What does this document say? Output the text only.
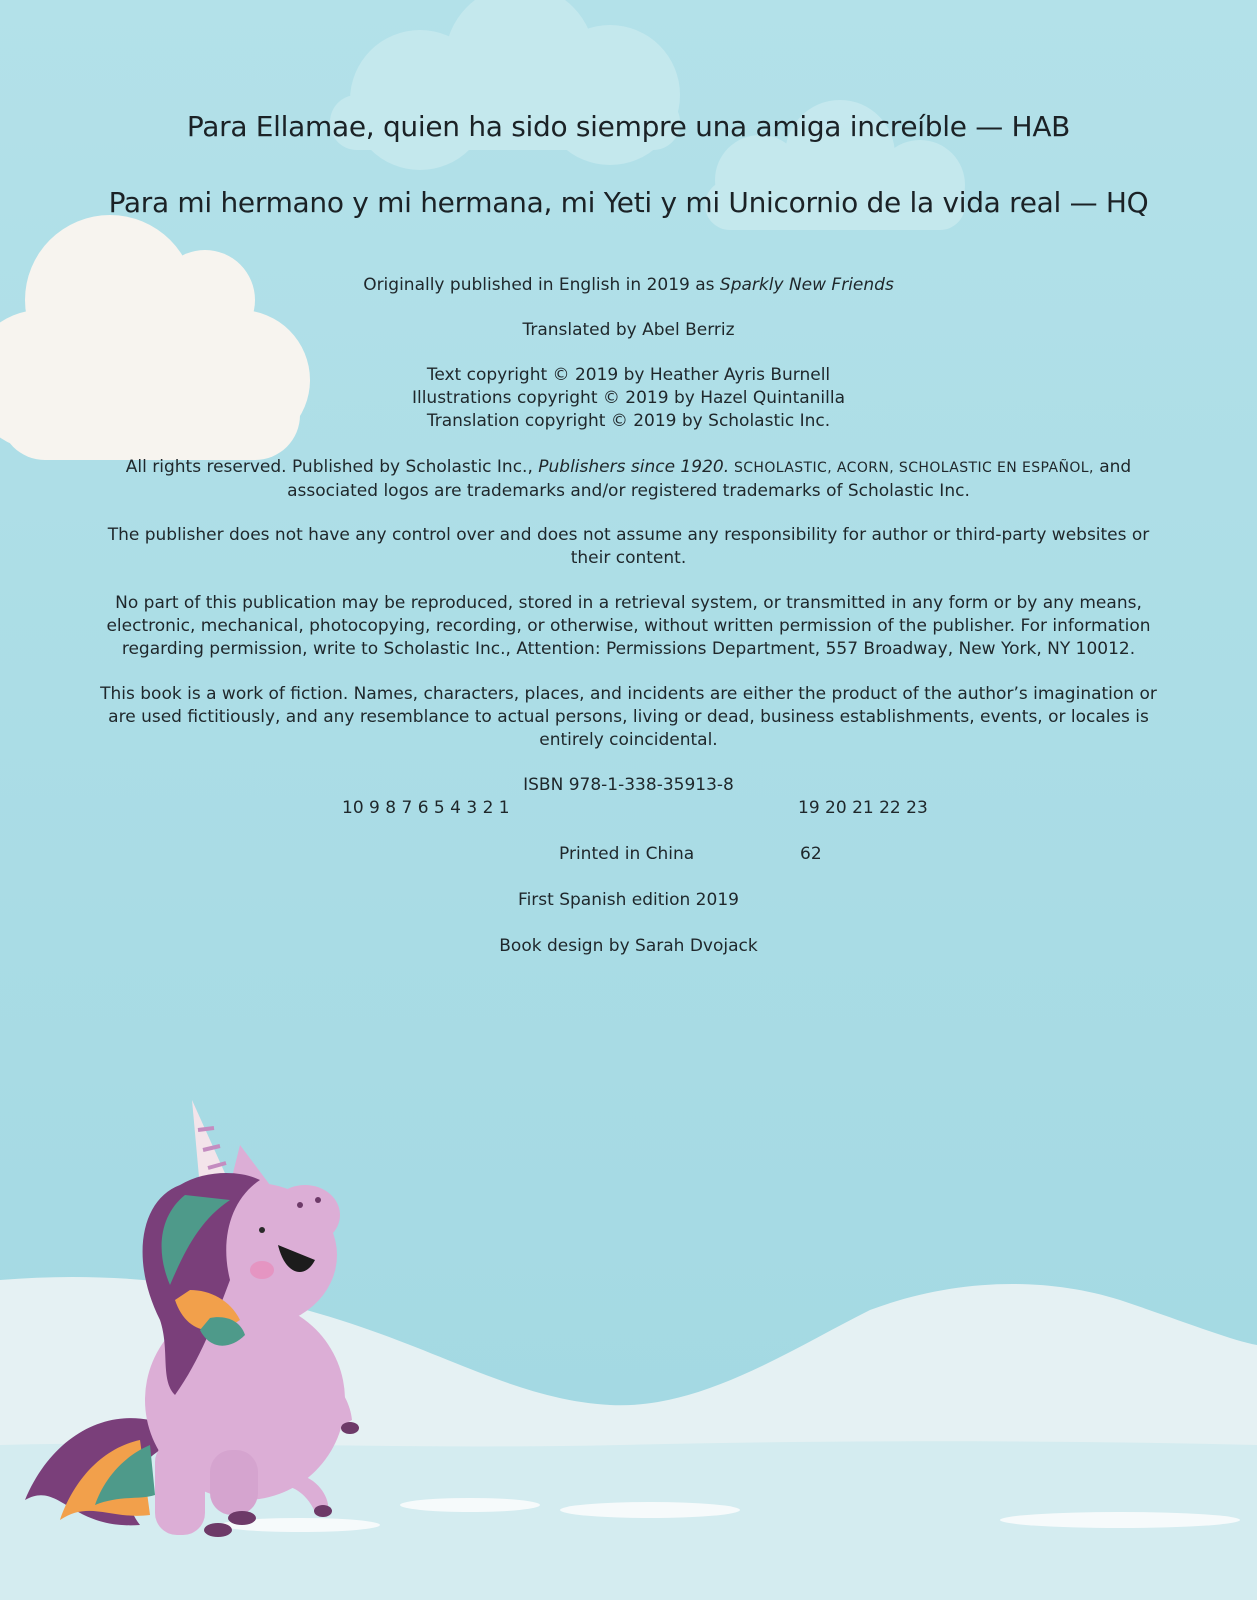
Para Ellamae, quien ha sido siempre una amiga increíble — HAB
Para mi hermano y mi hermana, mi Yeti y mi Unicornio de la vida real — HQ
Originally published in English in 2019 as Sparkly New Friends
Translated by Abel Berriz
Text copyright © 2019 by Heather Ayris Burnell
Illustrations copyright © 2019 by Hazel Quintanilla
Translation copyright © 2019 by Scholastic Inc.
All rights reserved. Published by Scholastic Inc., Publishers since 1920. SCHOLASTIC, ACORN, SCHOLASTIC EN ESPAÑOL, and
associated logos are trademarks and/or registered trademarks of Scholastic Inc.
The publisher does not have any control over and does not assume any responsibility for author or third-party websites or
their content.
No part of this publication may be reproduced, stored in a retrieval system, or transmitted in any form or by any means,
electronic, mechanical, photocopying, recording, or otherwise, without written permission of the publisher. For information
regarding permission, write to Scholastic Inc., Attention: Permissions Department, 557 Broadway, New York, NY 10012.
This book is a work of fiction. Names, characters, places, and incidents are either the product of the author’s imagination or
are used fictitiously, and any resemblance to actual persons, living or dead, business establishments, events, or locales is
entirely coincidental.
ISBN 978-1-338-35913-8
10 9 8 7 6 5 4 3 2 1	19 20 21 22 23
Printed in China	62
First Spanish edition 2019
Book design by Sarah Dvojack
